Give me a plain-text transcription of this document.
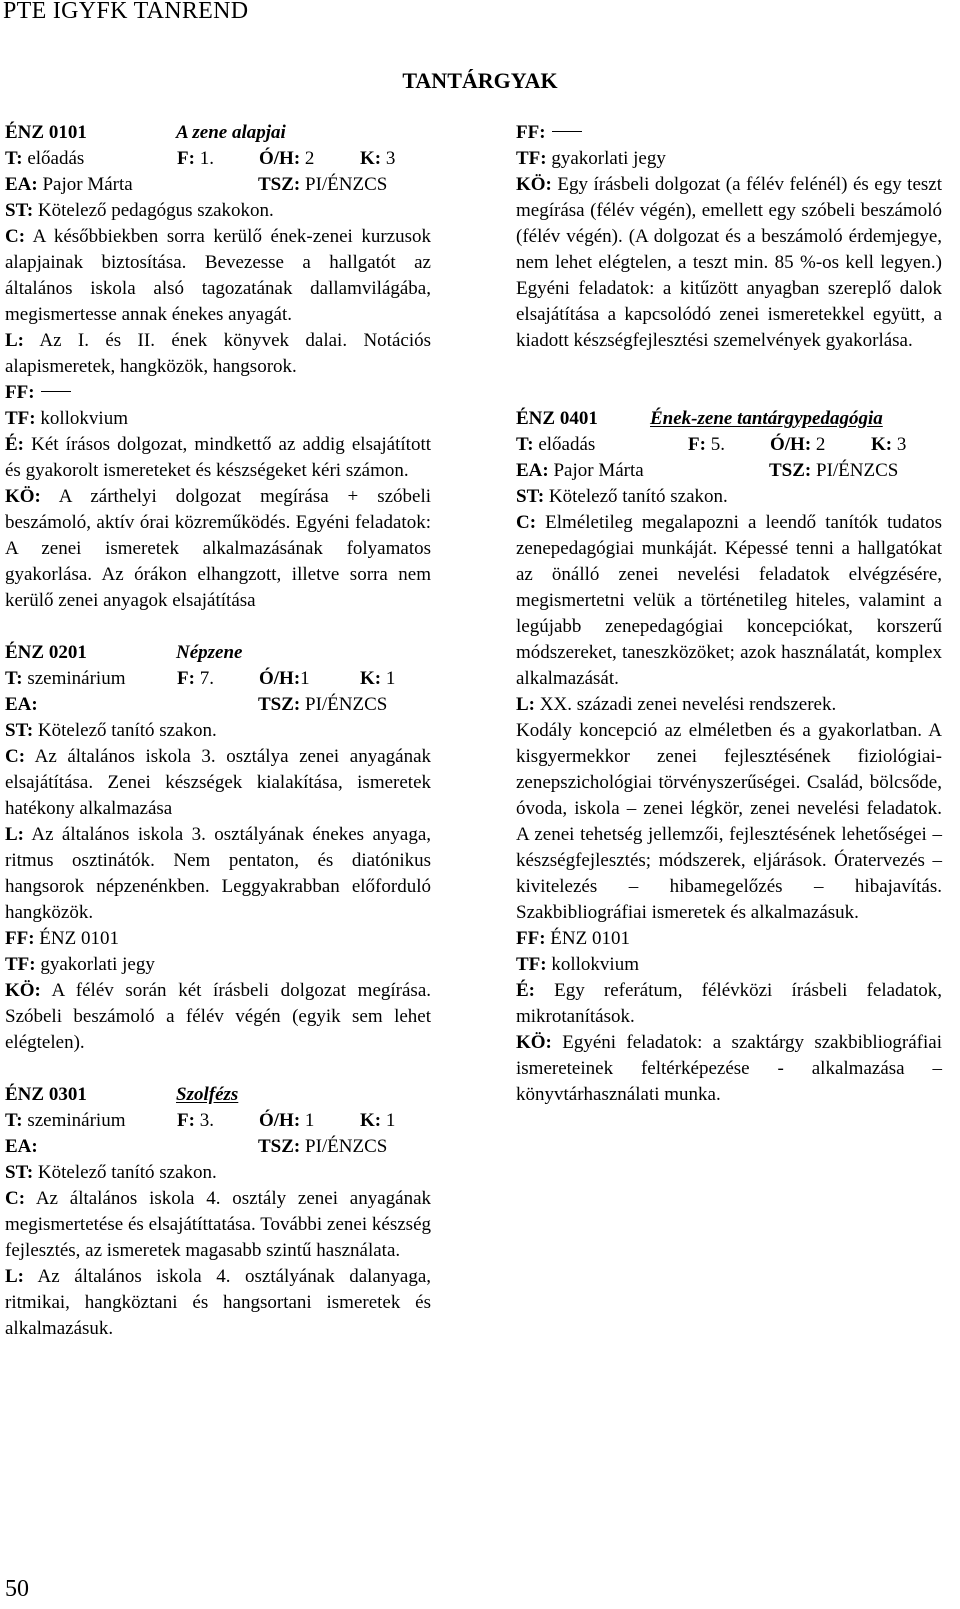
PTE IGYFK TANREND
TANTÁRGYAK
ÉNZ 0101	A zene alapjai
T: előadás	F: 1.	Ó/H: 2	K: 3
EA: Pajor Márta	TSZ: PI/ÉNZCS

ST: Kötelező pedagógus szakokon.

C: A későbbiekben sorra kerülő ének-zenei kurzusok alapjainak biztosítása. Bevezesse a hallgatót az általános iskola alsó tagozatának dallamvilágába, megismertesse annak énekes anyagát.

L: Az I. és II. ének könyvek dalai. Notációs alapismeretek, hangközök, hangsorok.

FF:

TF: kollokvium

É: Két írásos dolgozat, mindkettő az addig elsajátított és gyakorolt ismereteket és készségeket kéri számon.

KÖ: A zárthelyi dolgozat megírása + szóbeli beszámoló, aktív órai közreműködés. Egyéni feladatok: A zenei ismeretek alkalmazásának folyamatos gyakorlása. Az órákon elhangzott, illetve sorra nem kerülő zenei anyagok elsajátítása

ÉNZ 0201	Népzene
T: szeminárium	F: 7.	Ó/H:1	K: 1
EA:	TSZ: PI/ÉNZCS

ST: Kötelező tanító szakon.

C: Az általános iskola 3. osztálya zenei anyagának elsajátítása. Zenei készségek kialakítása, ismeretek hatékony alkalmazása

L: Az általános iskola 3. osztályának énekes anyaga, ritmus osztinátók. Nem pentaton, és diatónikus hangsorok népzenénkben. Leggyakrabban előforduló hangközök.

FF: ÉNZ 0101

TF: gyakorlati jegy

KÖ: A félév során két írásbeli dolgozat megírása. Szóbeli beszámoló a félév végén (egyik sem lehet elégtelen).

ÉNZ 0301	Szolfézs
T: szeminárium	F: 3.	Ó/H: 1	K: 1
EA:	TSZ: PI/ÉNZCS

ST: Kötelező tanító szakon.

C: Az általános iskola 4. osztály zenei anyagának megismertetése és elsajátíttatása. További zenei készség fejlesztés, az ismeretek magasabb szintű használata.

L: Az általános iskola 4. osztályának dalanyaga, ritmikai, hangköztani és hangsortani ismeretek és alkalmazásuk.

FF:

TF: gyakorlati jegy

KÖ: Egy írásbeli dolgozat (a félév felénél) és egy teszt megírása (félév végén), emellett egy szóbeli beszámoló (félév végén). (A dolgozat és a beszámoló érdemjegye, nem lehet elégtelen, a teszt min. 85 %-os kell legyen.) Egyéni feladatok: a kitűzött anyagban szereplő dalok elsajátítása a kapcsolódó zenei ismeretekkel együtt, a kiadott készségfejlesztési szemelvények gyakorlása.

ÉNZ 0401	Ének-zene tantárgypedagógia
T: előadás	F: 5.	Ó/H: 2	K: 3
EA: Pajor Márta	TSZ: PI/ÉNZCS

ST: Kötelező tanító szakon.

C: Elméletileg megalapozni a leendő tanítók tudatos zenepedagógiai munkáját. Képessé tenni a hallgatókat az önálló zenei nevelési feladatok elvégzésére, megismertetni velük a történetileg hiteles, valamint a legújabb zenepedagógiai koncepciókat, korszerű módszereket, taneszközöket; azok használatát, komplex alkalmazását.

L: XX. századi zenei nevelési rendszerek.

Kodály koncepció az elméletben és a gyakorlatban. A kisgyermekkor zenei fejlesztésének fiziológiai-zenepszichológiai törvényszerűségei. Család, bölcsőde, óvoda, iskola – zenei légkör, zenei nevelési feladatok. A zenei tehetség jellemzői, fejlesztésének lehetőségei – készségfejlesztés; módszerek, eljárások. Óratervezés – kivitelezés – hibamegelőzés – hibajavítás. Szakbibliográfiai ismeretek és alkalmazásuk.

FF: ÉNZ 0101

TF: kollokvium

É: Egy referátum, félévközi írásbeli feladatok, mikrotanítások.

KÖ: Egyéni feladatok: a szaktárgy szakbibliográfiai ismereteinek feltérképezése - alkalmazása – könyvtárhasználati munka.

50
